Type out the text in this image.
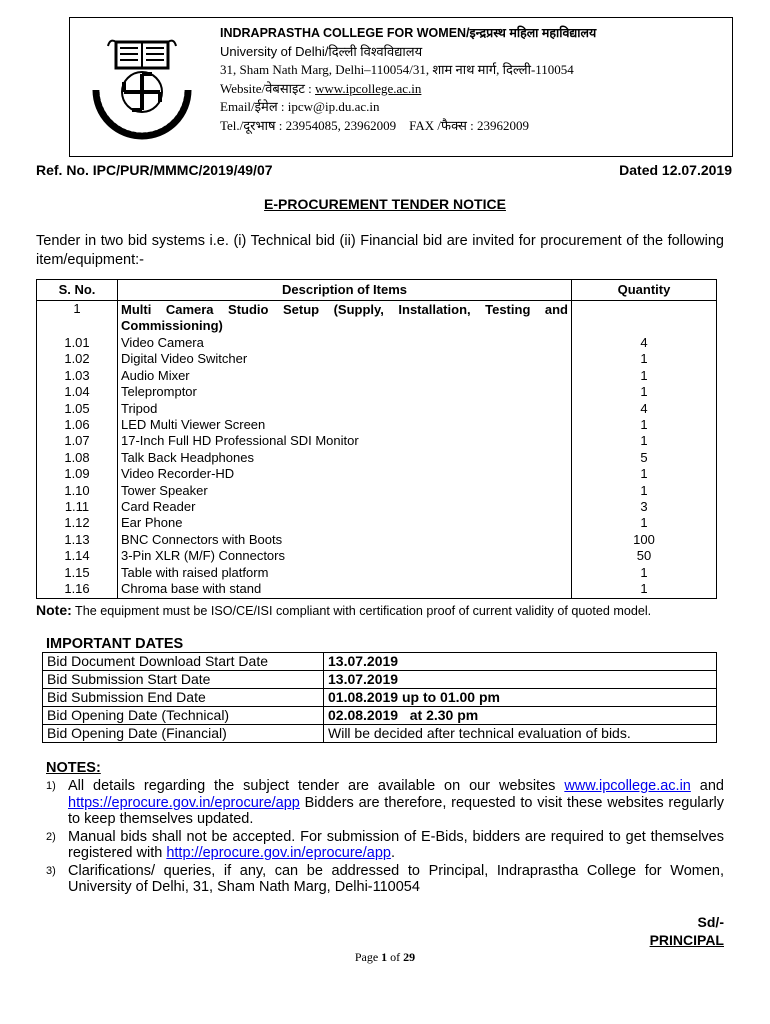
INDRAPRASTHA COLLEGE FOR WOMEN/इन्द्रप्रस्थ महिला महाविद्यालय
University of Delhi/दिल्ली विश्वविद्यालय
31, Sham Nath Marg, Delhi–110054/31, शाम नाथ मार्ग, दिल्ली-110054
Website/वेबसाइट : www.ipcollege.ac.in
Email/ईमेल : ipcw@ip.du.ac.in
Tel./दूरभाष : 23954085, 23962009 FAX /फैक्स : 23962009
Ref. No. IPC/PUR/MMMC/2019/49/07	Dated 12.07.2019
E-PROCUREMENT TENDER NOTICE
Tender in two bid systems i.e. (i) Technical bid (ii) Financial bid are invited for procurement of the following item/equipment:-
S. No.	Description of Items	Quantity
1	Multi Camera Studio Setup (Supply, Installation, Testing and Commissioning)	
1.01	Video Camera	4
1.02	Digital Video Switcher	1
1.03	Audio Mixer	1
1.04	Telepromptor	1
1.05	Tripod	4
1.06	LED Multi Viewer Screen	1
1.07	17-Inch Full HD Professional SDI Monitor	1
1.08	Talk Back Headphones	5
1.09	Video Recorder-HD	1
1.10	Tower Speaker	1
1.11	Card Reader	3
1.12	Ear Phone	1
1.13	BNC Connectors with Boots	100
1.14	3-Pin XLR (M/F) Connectors	50
1.15	Table with raised platform	1
1.16	Chroma base with stand	1
Note: The equipment must be ISO/CE/ISI compliant with certification proof of current validity of quoted model.
IMPORTANT DATES
Bid Document Download Start Date	13.07.2019
Bid Submission Start Date	13.07.2019
Bid Submission End Date	01.08.2019 up to 01.00 pm
Bid Opening Date (Technical)	02.08.2019   at 2.30 pm
Bid Opening Date (Financial)	Will be decided after technical evaluation of bids.
NOTES:
1) All details regarding the subject tender are available on our websites www.ipcollege.ac.in and https://eprocure.gov.in/eprocure/app Bidders are therefore, requested to visit these websites regularly to keep themselves updated.
2) Manual bids shall not be accepted. For submission of E-Bids, bidders are required to get themselves registered with http://eprocure.gov.in/eprocure/app.
3) Clarifications/ queries, if any, can be addressed to Principal, Indraprastha College for Women, University of Delhi, 31, Sham Nath Marg, Delhi-110054
Sd/-
PRINCIPAL
Page 1 of 29
